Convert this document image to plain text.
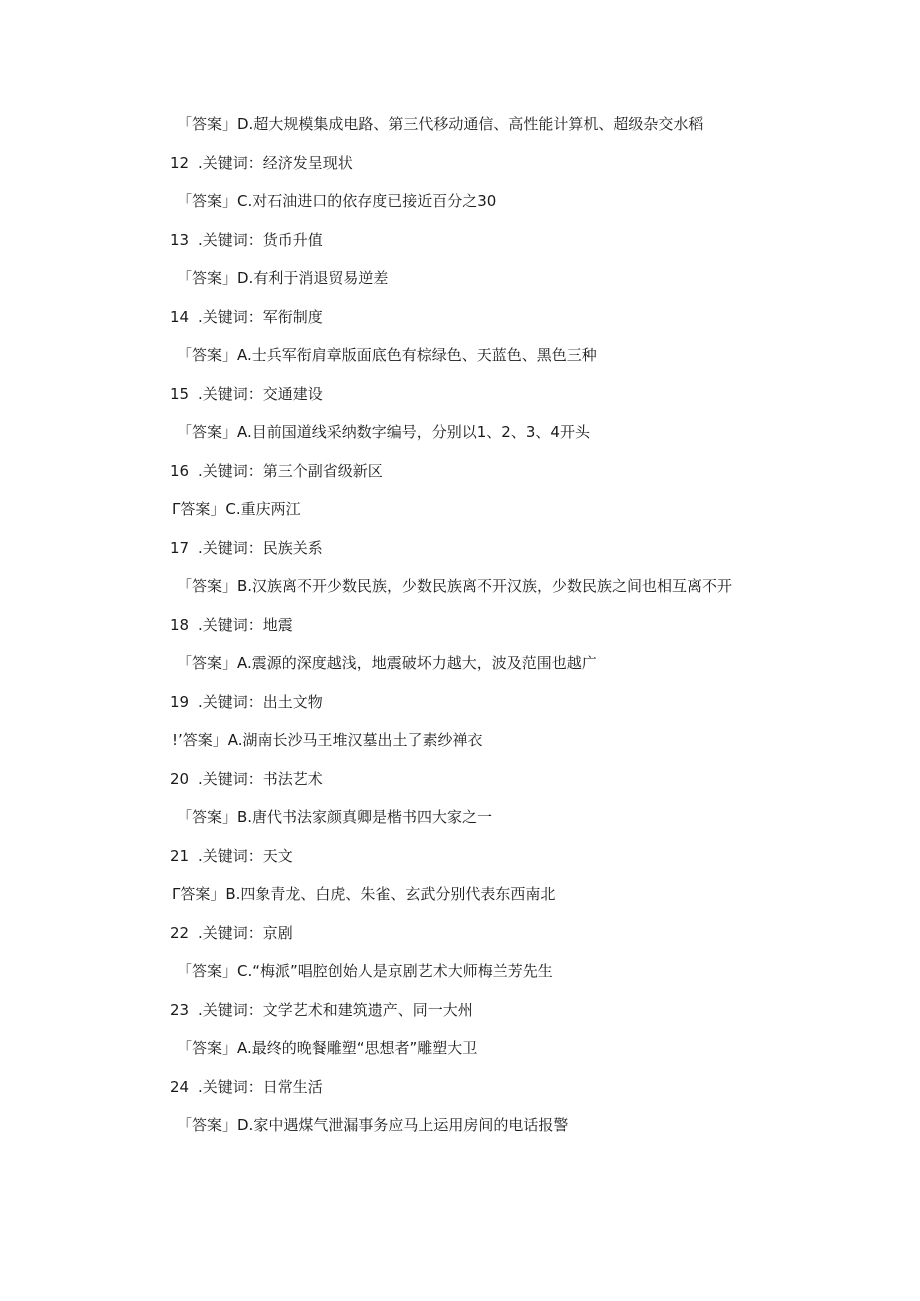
「答案」D.超大规模集成电路、第三代移动通信、高性能计算机、超级杂交水稻
12 .关键词：经济发呈现状
「答案」C.对石油进口的依存度已接近百分之30
13 .关键词：货币升值
「答案」D.有利于消退贸易逆差
14 .关键词：军衔制度
「答案」A.士兵军衔肩章版面底色有棕绿色、天蓝色、黑色三种
15 .关键词：交通建设
「答案」A.目前国道线采纳数字编号，分别以1、2、3、4开头
16 .关键词：第三个副省级新区
Γ答案」C.重庆两江
17 .关键词：民族关系
「答案」B.汉族离不开少数民族，少数民族离不开汉族，少数民族之间也相互离不开
18 .关键词：地震
「答案」A.震源的深度越浅，地震破坏力越大，波及范围也越广
19 .关键词：出土文物
!’答案」A.湖南长沙马王堆汉墓出土了素纱禅衣
20 .关键词：书法艺术
「答案」B.唐代书法家颜真卿是楷书四大家之一
21 .关键词：天文
Γ答案」B.四象青龙、白虎、朱雀、玄武分别代表东西南北
22 .关键词：京剧
「答案」C.“梅派”唱腔创始人是京剧艺术大师梅兰芳先生
23 .关键词：文学艺术和建筑遗产、同一大州
「答案」A.最终的晚餐雕塑“思想者”雕塑大卫
24 .关键词：日常生活
「答案」D.家中遇煤气泄漏事务应马上运用房间的电话报警
